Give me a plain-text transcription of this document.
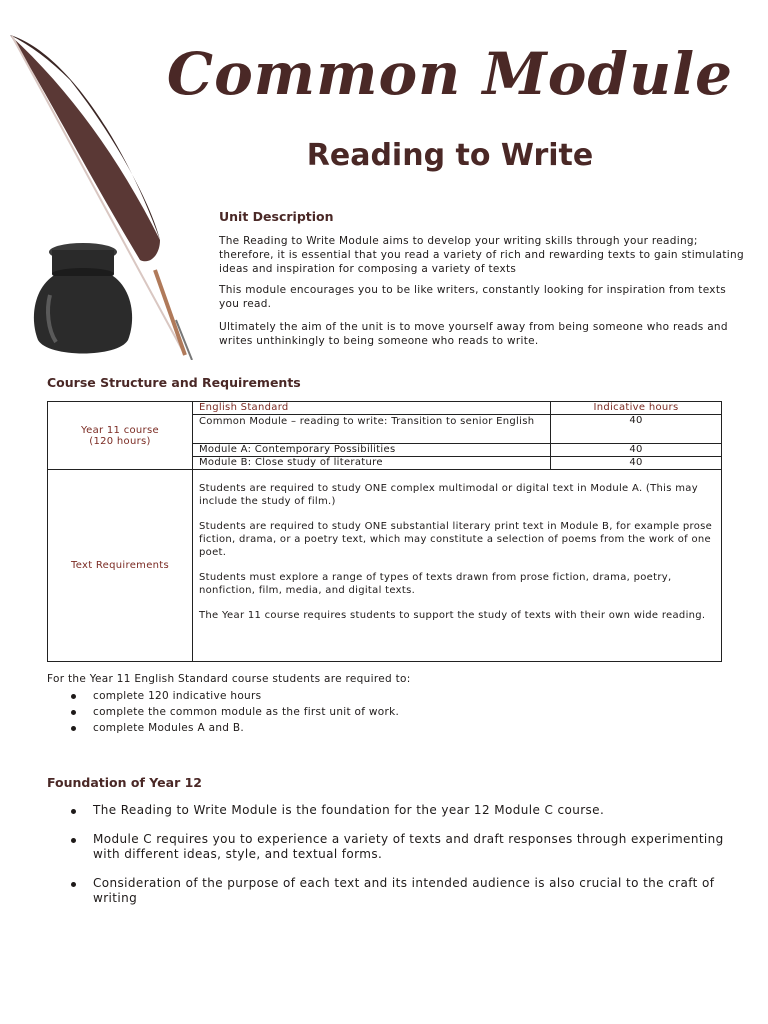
Common Module
Reading to Write
Unit Description

The Reading to Write Module aims to develop your writing skills through your reading; therefore, it is essential that you read a variety of rich and rewarding texts to gain stimulating ideas and inspiration for composing a variety of texts

This module encourages you to be like writers, constantly looking for inspiration from texts you read.

Ultimately the aim of the unit is to move yourself away from being someone who reads and writes unthinkingly to being someone who reads to write.

Course Structure and Requirements
Year 11 course
(120 hours)	English Standard	Indicative hours
	Common Module – reading to write: Transition to senior English	40
	Module A: Contemporary Possibilities	40
	Module B: Close study of literature	40

Text Requirements	Students are required to study ONE complex multimodal or digital text in Module A. (This may include the study of film.)

Students are required to study ONE substantial literary print text in Module B, for example prose fiction, drama, or a poetry text, which may constitute a selection of poems from the work of one poet.

Students must explore a range of types of texts drawn from prose fiction, drama, poetry, nonfiction, film, media, and digital texts.

The Year 11 course requires students to support the study of texts with their own wide reading.	

For the Year 11 English Standard course students are required to:

complete 120 indicative hours
complete the common module as the first unit of work.
complete Modules A and B.
Foundation of Year 12
The Reading to Write Module is the foundation for the year 12 Module C course.
Module C requires you to experience a variety of texts and draft responses through experimenting with different ideas, style, and textual forms.
Consideration of the purpose of each text and its intended audience is also crucial to the craft of writing
